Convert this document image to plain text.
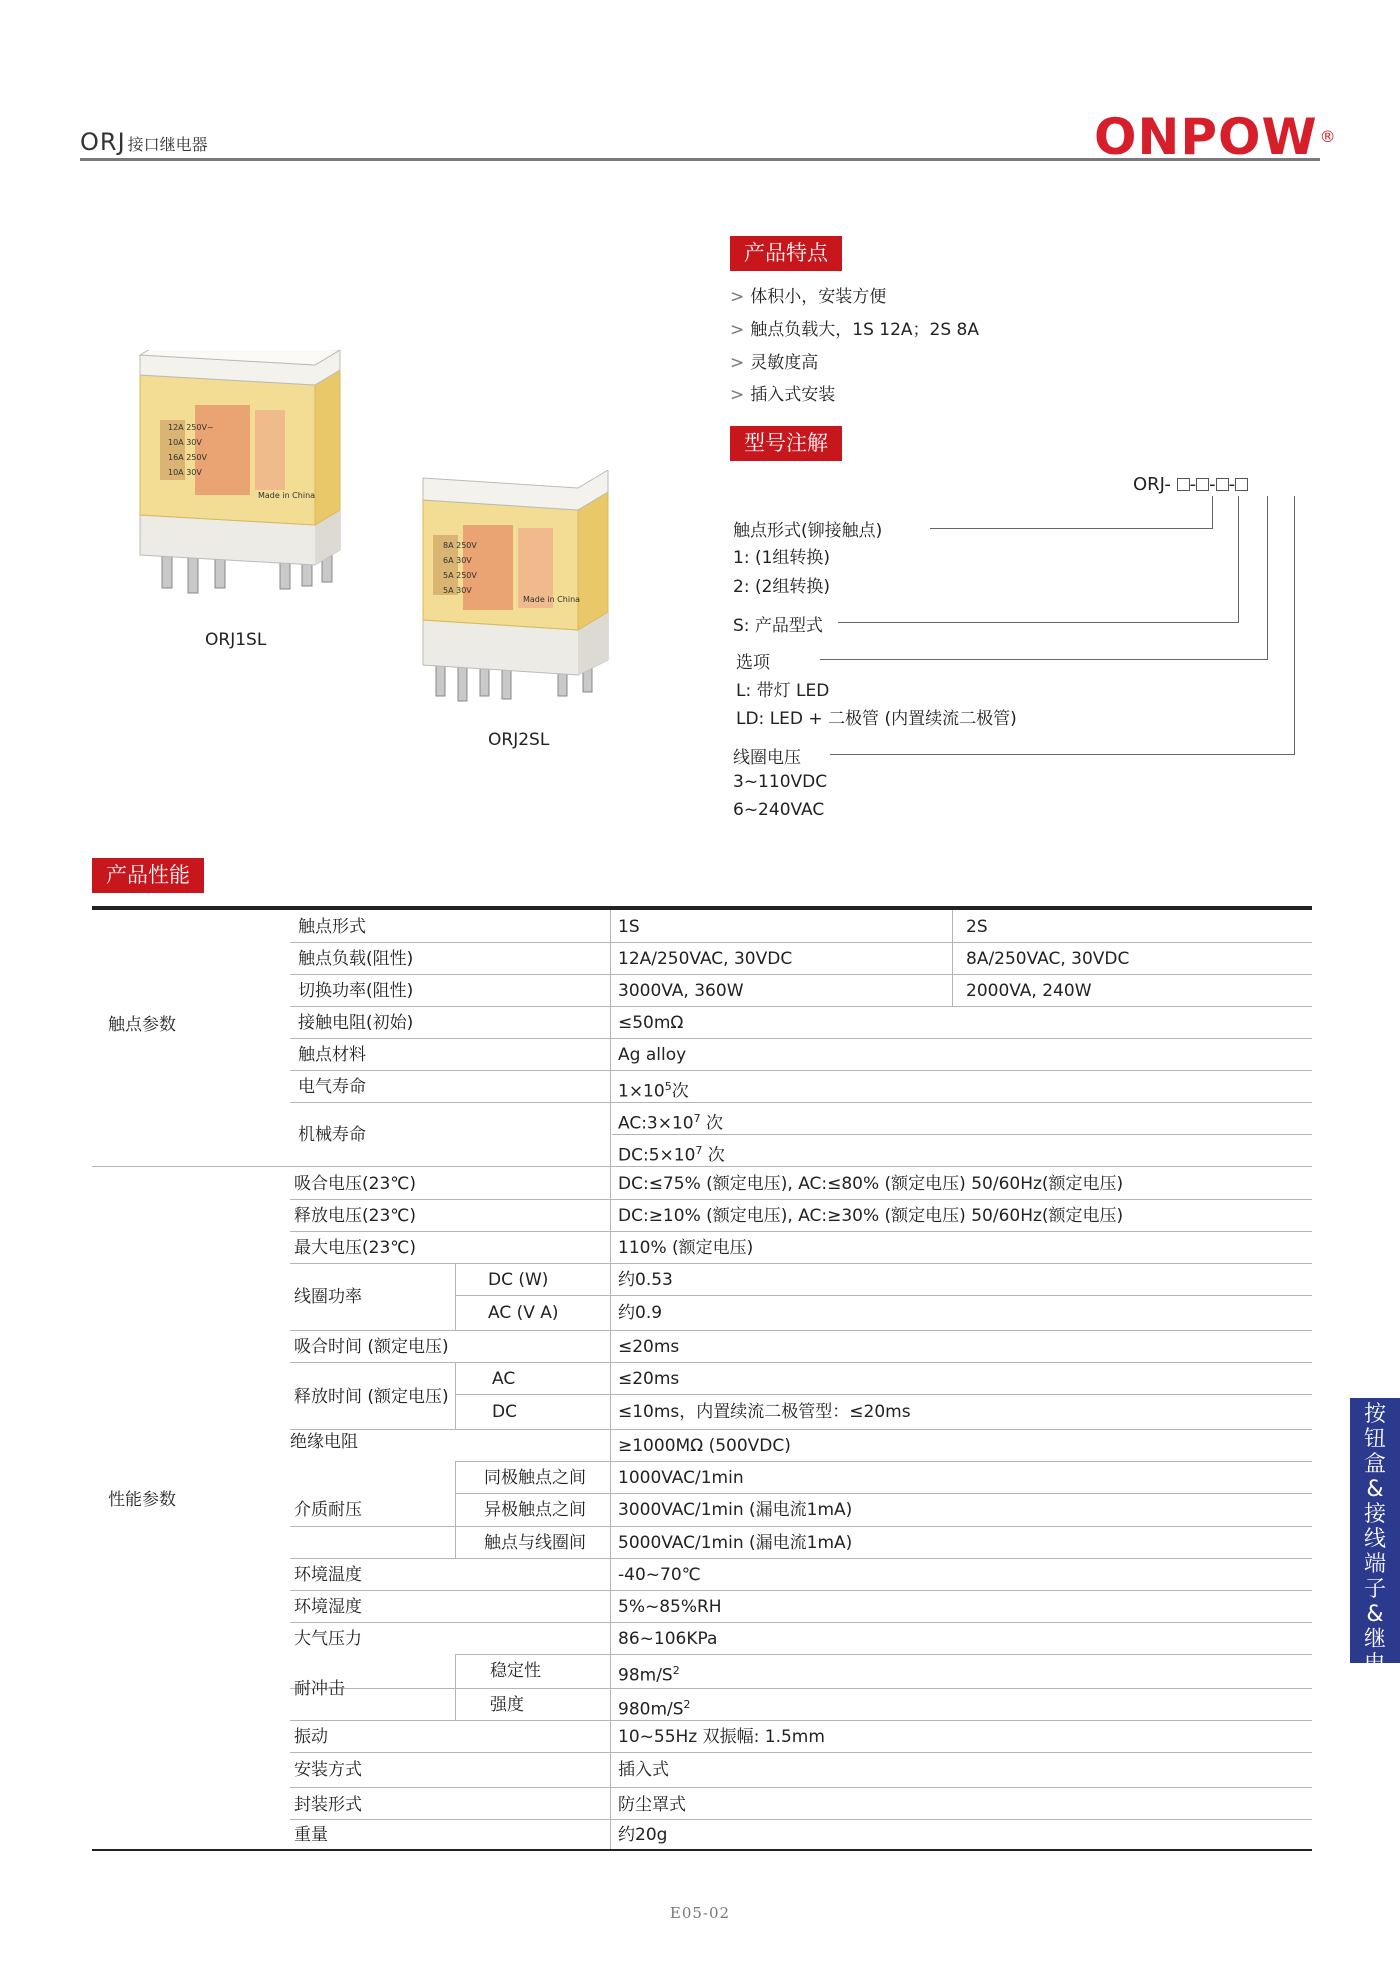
ORJ 接口继电器	ONPOW ®
12A 250V~
10A 30V
16A 250V
10A 30V
Made in China
ORJ1SL
8A 250V
6A 30V
5A 250V
5A 30V
Made in China
ORJ2SL
产品特点
> 体积小，安装方便
> 触点负载大，1S 12A；2S 8A
> 灵敏度高
> 插入式安装
型号注解
ORJ- - - -
触点形式(铆接触点)
1: (1组转换)
2: (2组转换)
S: 产品型式
选项
L: 带灯 LED
LD: LED + 二极管 (内置续流二极管)
线圈电压
3~110VDC
6~240VAC
产品性能
触点参数
性能参数
触点形式	1S	2S
触点负载(阻性)	12A/250VAC, 30VDC	8A/250VAC, 30VDC
切换功率(阻性)	3000VA, 360W	2000VA, 240W
接触电阻(初始)	≤50mΩ
触点材料	Ag alloy
电气寿命	$1\times 10^5$次
机械寿命
$AC:3\times 10^7$ 次
$DC:5\times 10^7$ 次
吸合电压(23℃)	DC:≤75% (额定电压), AC:≤80% (额定电压) 50/60Hz(额定电压)
释放电压(23℃)	DC:≥10% (额定电压), AC:≥30% (额定电压) 50/60Hz(额定电压)
最大电压(23℃)	110% (额定电压)
线圈功率
DC (W)	约0.53
AC (V A)	约0.9
吸合时间 (额定电压)	≤20ms
释放时间 (额定电压)
AC	≤20ms
DC	≤10ms，内置续流二极管型：≤20ms
绝缘电阻	≥1000MΩ (500VDC)
介质耐压
同极触点之间 1000VAC/1min
异极触点之间 3000VAC/1min (漏电流1mA)
触点与线圈间 5000VAC/1min (漏电流1mA)
环境温度	-40~70℃
环境湿度	5%~85%RH
大气压力	86~106KPa
耐冲击
稳定性	$98m/S^2$
强度	$980m/S^2$
振动	10~55Hz 双振幅: 1.5mm
安装方式	插入式
封装形式	防尘罩式
重量	约20g
按
钮
盒
&
接
线
端
子
&
继
电
器
E05-02
